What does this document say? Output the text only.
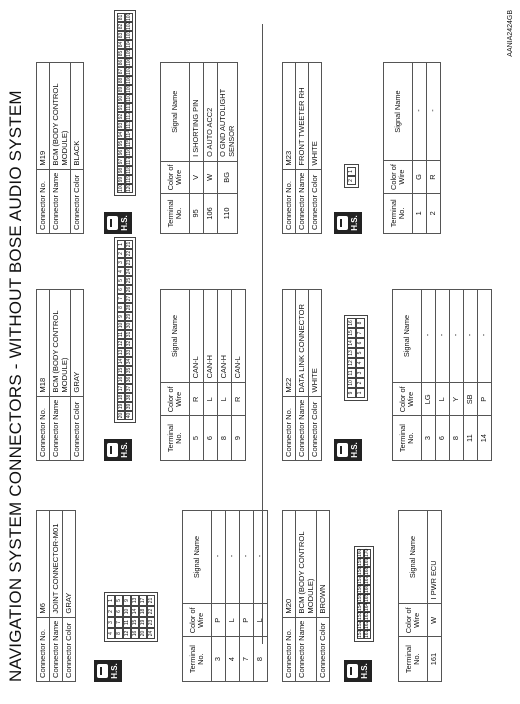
NAVIGATION SYSTEM CONNECTORS - WITHOUT BOSE AUDIO SYSTEM
AANIA2424GB
Connector No.	M6
Connector Name	JOINT CONNECTOR-M01
Connector Color	GRAY
H.S.
4
3
2
1
8
7
6
5
12
11
10
9
16
15
14
13
20
19
18
17
24
23
22
21
Terminal No.	Color of Wire	Signal Name
3	P	-
4	L	-
7	P	-
8	L	-
Connector No.	M18
Connector Name	BCM (BODY CONTROL MODULE)
Connector Color	GRAY
H.S.
20
19
18
17
16
15
14
13
12
11
10
9
8
7
6
5
4
3
2
1
40
39
38
37
36
35
34
33
32
31
30
29
28
27
26
25
24
23
22
21
Terminal No.	Color of Wire	Signal Name
5	R	CAN-L
6	L	CAN-H
8	L	CAN-H
9	R	CAN-L
Connector No.	M19
Connector Name	BCM (BODY CONTROL MODULE)
Connector Color	BLACK
H.S.
100
99
98
97
96
95
94
93
92
91
90
89
88
87
86
85
84
83
82
81
120
119
118
117
116
115
114
113
112
111
110
109
108
107
106
105
104
103
102
101
Terminal No.	Color of Wire	Signal Name
95	V	I SHORTING PIN
106	W	O AUTO ACC2
110	BG	O GND AUTOLIGHT SENSOR
Connector No.	M20
Connector Name	BCM (BODY CONTROL MODULE)
Connector Color	BROWN
H.S.
151
152
153
154
155
156
157
158
159
160
161
162
163
164
165
166
167
168
169
170
Terminal No.	Color of Wire	Signal Name
161	W	I PWR ECU
Connector No.	M22
Connector Name	DATA LINK CONNECTOR
Connector Color	WHITE
H.S.
9
10
11
12
13
14
15
16
1
2
3
4
5
6
7
8
Terminal No.	Color of Wire	Signal Name
3	LG	-
6	L	-
8	Y	-
11	SB	-
14	P	-
Connector No.	M23
Connector Name	FRONT TWEETER RH
Connector Color	WHITE
H.S.
2
1
Terminal No.	Color of Wire	Signal Name
1	G	-
2	R	-
